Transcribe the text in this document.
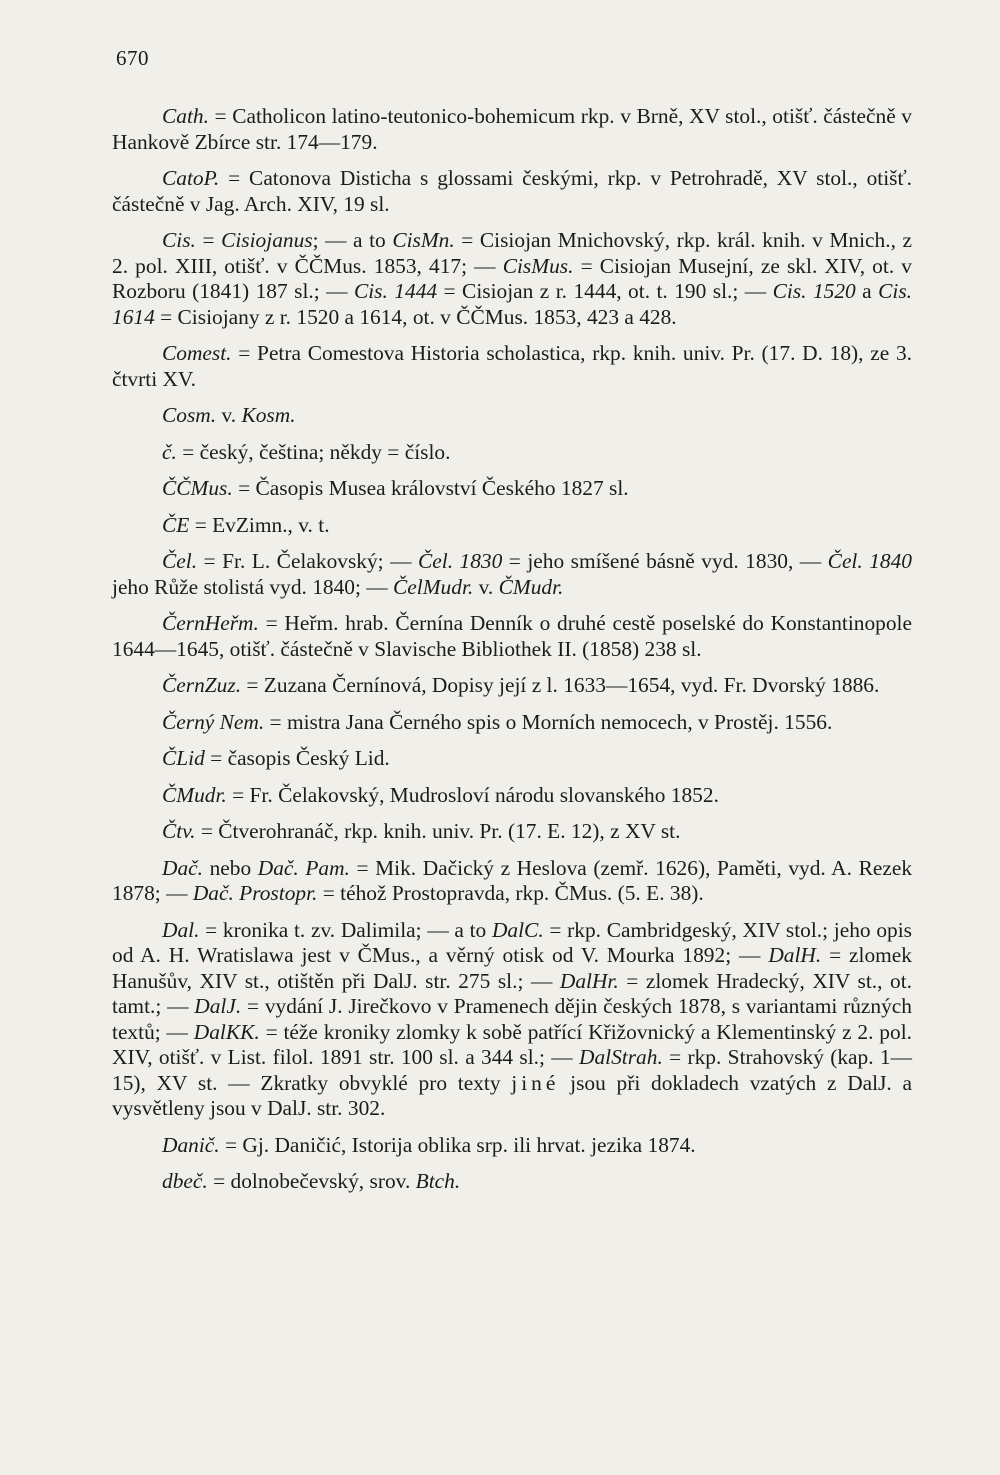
670

Cath. = Catholicon latino-teutonico-bohemicum rkp. v Brně, XV stol., otišť. částečně v Hankově Zbírce str. 174—179.

CatoP. = Catonova Disticha s glossami českými, rkp. v Petrohradě, XV stol., otišť. částečně v Jag. Arch. XIV, 19 sl.

Cis. = Cisiojanus; — a to CisMn. = Cisiojan Mnichovský, rkp. král. knih. v Mnich., z 2. pol. XIII, otišť. v ČČMus. 1853, 417; — CisMus. = Cisiojan Musejní, ze skl. XIV, ot. v Rozboru (1841) 187 sl.; — Cis. 1444 = Cisiojan z r. 1444, ot. t. 190 sl.; — Cis. 1520 a Cis. 1614 = Cisiojany z r. 1520 a 1614, ot. v ČČMus. 1853, 423 a 428.

Comest. = Petra Comestova Historia scholastica, rkp. knih. univ. Pr. (17. D. 18), ze 3. čtvrti XV.

Cosm. v. Kosm.

č. = český, čeština; někdy = číslo.

ČČMus. = Časopis Musea království Českého 1827 sl.

ČE = EvZimn., v. t.

Čel. = Fr. L. Čelakovský; — Čel. 1830 = jeho smíšené básně vyd. 1830, — Čel. 1840 jeho Růže stolistá vyd. 1840; — ČelMudr. v. ČMudr.

ČernHeřm. = Heřm. hrab. Černína Denník o druhé cestě poselské do Konstantinopole 1644—1645, otišť. částečně v Slavische Bibliothek II. (1858) 238 sl.

ČernZuz. = Zuzana Černínová, Dopisy její z l. 1633—1654, vyd. Fr. Dvorský 1886.

Černý Nem. = mistra Jana Černého spis o Morních nemocech, v Prostěj. 1556.

ČLid = časopis Český Lid.

ČMudr. = Fr. Čelakovský, Mudrosloví národu slovanského 1852.

Čtv. = Čtverohranáč, rkp. knih. univ. Pr. (17. E. 12), z XV st.

Dač. nebo Dač. Pam. = Mik. Dačický z Heslova (zemř. 1626), Paměti, vyd. A. Rezek 1878; — Dač. Prostopr. = téhož Prostopravda, rkp. ČMus. (5. E. 38).

Dal. = kronika t. zv. Dalimila; — a to DalC. = rkp. Cambridgeský, XIV stol.; jeho opis od A. H. Wratislawa jest v ČMus., a věrný otisk od V. Mourka 1892; — DalH. = zlomek Hanušův, XIV st., otištěn při DalJ. str. 275 sl.; — DalHr. = zlomek Hradecký, XIV st., ot. tamt.; — DalJ. = vydání J. Jirečkovo v Pramenech dějin českých 1878, s variantami různých textů; — DalKK. = téže kroniky zlomky k sobě patřící Křižovnický a Klementinský z 2. pol. XIV, otišť. v List. filol. 1891 str. 100 sl. a 344 sl.; — DalStrah. = rkp. Strahovský (kap. 1—15), XV st. — Zkratky obvyklé pro texty jiné jsou při dokladech vzatých z DalJ. a vysvětleny jsou v DalJ. str. 302.

Danič. = Gj. Daničić, Istorija oblika srp. ili hrvat. jezika 1874.

dbeč. = dolnobečevský, srov. Btch.
